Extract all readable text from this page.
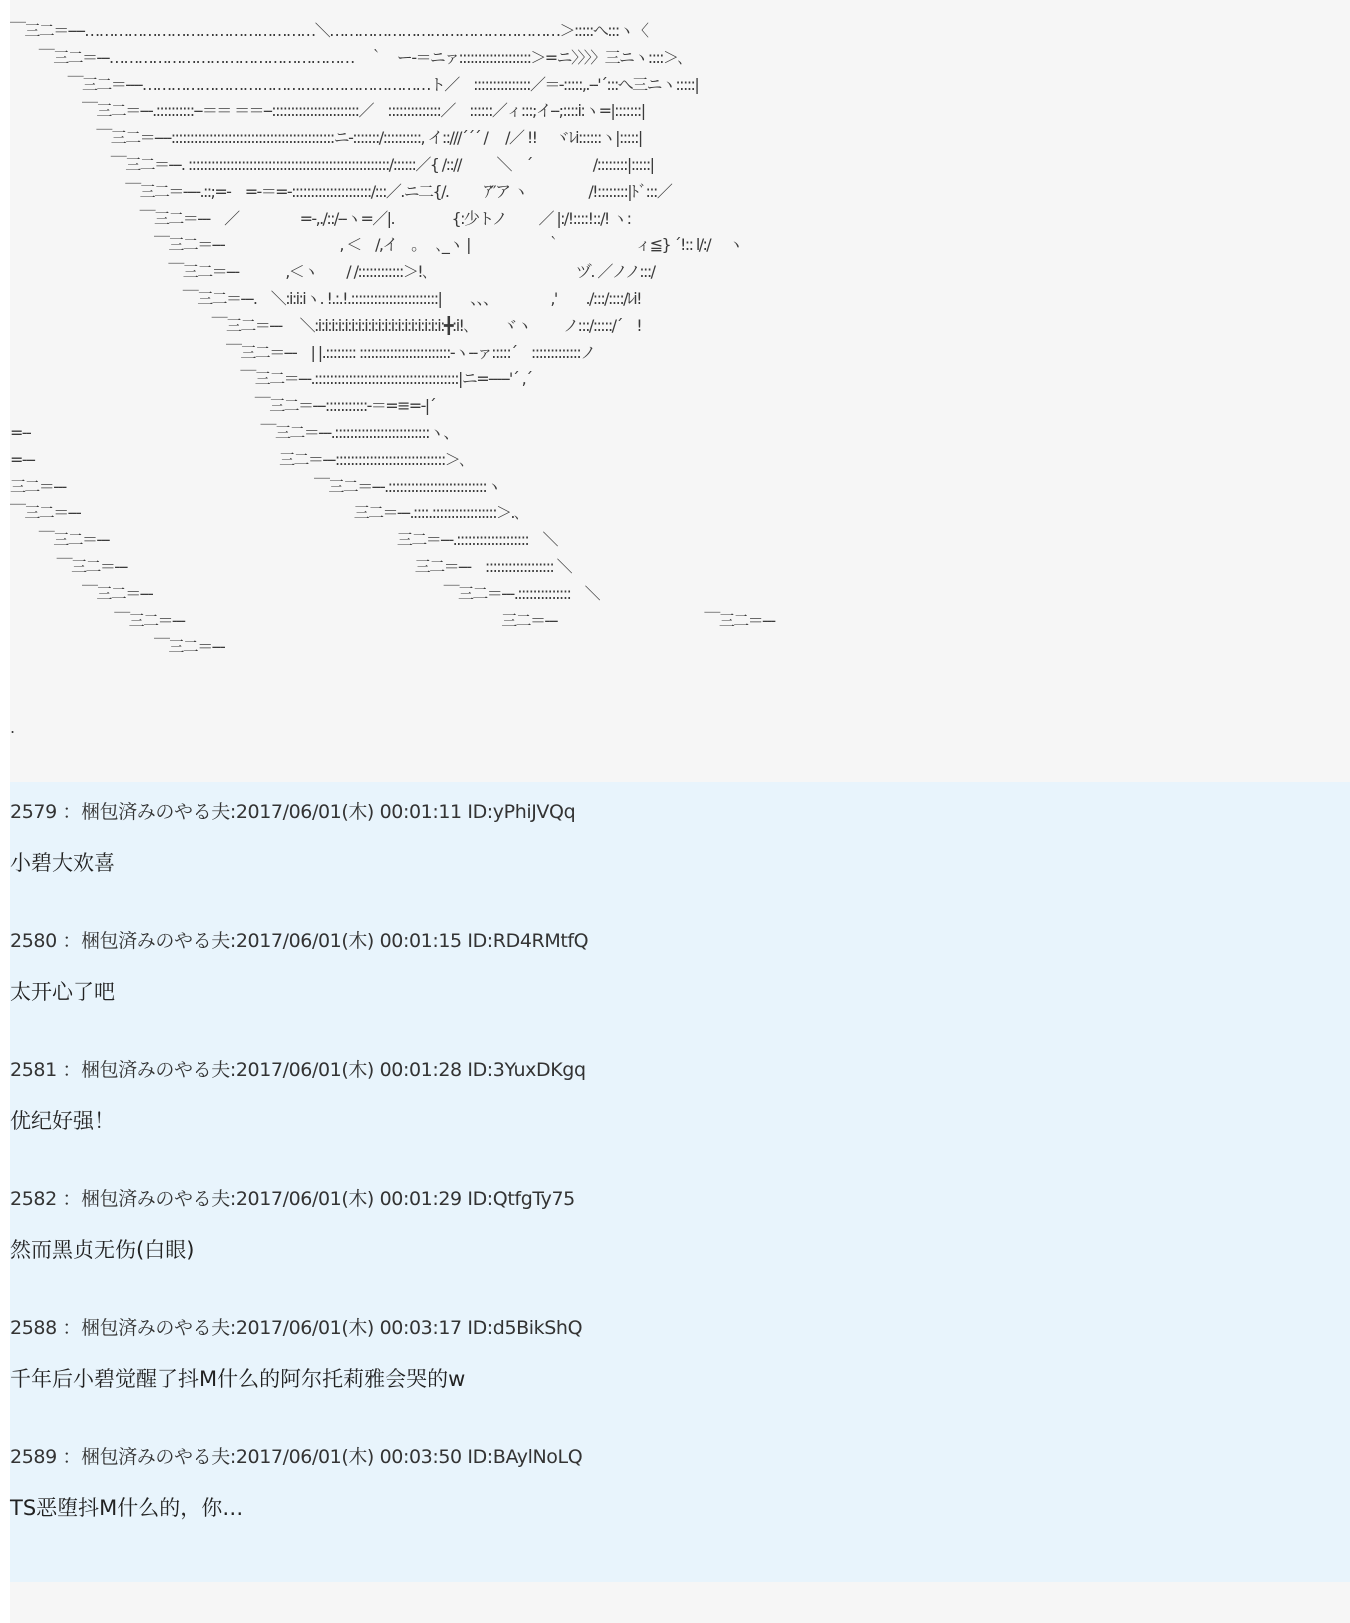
￣三二＝----…………………………………………＼…………………………………………＞:::::へ:::ヽ〈
　　￣三二＝---……………………………………………　｀　ー-＝ニァ:::::::::::::::::::＞=ニ〉〉〉〉三ニヽ::::＞､
　　　　￣三二＝----……………………………………………………ト／　:::::::::::::::／＝-:::::,.--'´:::へ三ニヽ:::::|
　　　　　￣三二＝---.::::::::::--＝＝ ＝＝--:::::::::::::::::::::::／　::::::::::::::／　::::::／ィ:::;イ-‐;::::i:ヽ=|:::::::|
　　　　　　￣三二＝----:::::::::::::::::::::::::::::::::::::::::::ニ-:::::::/::::::::::, イ::///´´´ /　 /／ !!　 ヾﾚi::::::ヽ|:::::|
　　　　　　　￣三二＝---. :::::::::::::::::::::::::::::::::::::::::::::::::::::/::::::／{ /::// 　　 ＼　´　　　　 /::::::::|:::::|
　　　　　　　　￣三二＝----.::;=-　=-＝=-:::::::::::::::::::::/:::／.ニ二{/. 　　 ｱ″ア ヽ 　　　　/!::::::::|ﾄﾞ:::／
　　　　　　　　　￣三二＝---　／　　　　 =-,./::/--ヽ=／|.　　　　{:少トノ　　 ／ |:/!::::!::/! ヽ:
　　　　　　　　　　￣三二＝---　　　　　　　　, ＜　/,イ　。　 ､_ヽ |　　　　　 ｀　　　　　 ィ≦} ´!:: l/:/　 ヽ
　　　　　　　　　　　￣三二＝---　　　 ,＜ヽ　　/ /::::::::::::＞!､　　　　　　　　　　 ヅ. ／ノノ:::/
　　　　　　　　　　　　￣三二＝---.　＼:i:i:iヽ. !.:.!.:::::::::::::::::::::::|　　、、、　　　　 ,'　　./:::/::::/ﾚi!
　　　　　　　　　　　　　　￣三二＝---　 ＼:i:i:i:i:i:i:i:i:i:i:i:i:i:i:i:i:i:i:i:╋:i!､　　 ヾヽ　　 ノ:::/:::::/´　!
　　　　　　　　　　　　　　　￣三二＝---　| |.:::::::: ::::::::::::::::::::::::-ヽ-‐ァ:::::´　:::::::::::::ノ
　　　　　　　　　　　　　　　　￣三二＝---.::::::::::::::::::::::::::::::::::::::|ニ=----‐'´ ,´
　　　　　　　　　　　　　　　　　￣三二＝---:::::::::::-＝=≡=-|´
=--　　　　　　　　　　　　　　　　￣三二＝---.:::::::::::::::::::::::::ヽ、
=---　　　　　　　　　　　　　　　　　三二＝---:::::::::::::::::::::::::::::＞､
三二＝---　　　　　　　　　　　　　　　　　 ￣三二＝---.::::::::::::::::::::::::::ヽ
￣三二＝---　　　　　　　　　　　　　　　　　　　三二＝---.::::.:::::::::::::::::＞.､
　　￣三二＝---　　　　　　　　　　　　　　　　　　　　三二＝---.:::::::::::::::::::　＼
　　　 ￣三二＝---　　　　　　　　　　　　　　　　　　　　三二＝---　:::::::::::::::::: ＼
　　　　　￣三二＝---　　　　　　　　　　　　　　　　　　　　 ￣三二＝---.::::::::::::::　＼
　　　　　　　 ￣三二＝---　　　　　　　　　　　　　　　　　　　　　　三二＝---　　　　　　　　　　 ￣三二＝---
　　　　　　　　　　￣三二＝---

.
2579 ：梱包済みのやる夫:2017/06/01(木) 00:01:11 ID:yPhiJVQq
小碧大欢喜
2580 ：梱包済みのやる夫:2017/06/01(木) 00:01:15 ID:RD4RMtfQ
太开心了吧
2581 ：梱包済みのやる夫:2017/06/01(木) 00:01:28 ID:3YuxDKgq
优纪好强！
2582 ：梱包済みのやる夫:2017/06/01(木) 00:01:29 ID:QtfgTy75
然而黑贞无伤(白眼)
2588 ：梱包済みのやる夫:2017/06/01(木) 00:03:17 ID:d5BikShQ
千年后小碧觉醒了抖M什么的阿尔托莉雅会哭的w
2589 ：梱包済みのやる夫:2017/06/01(木) 00:03:50 ID:BAylNoLQ
TS恶堕抖M什么的，你…
